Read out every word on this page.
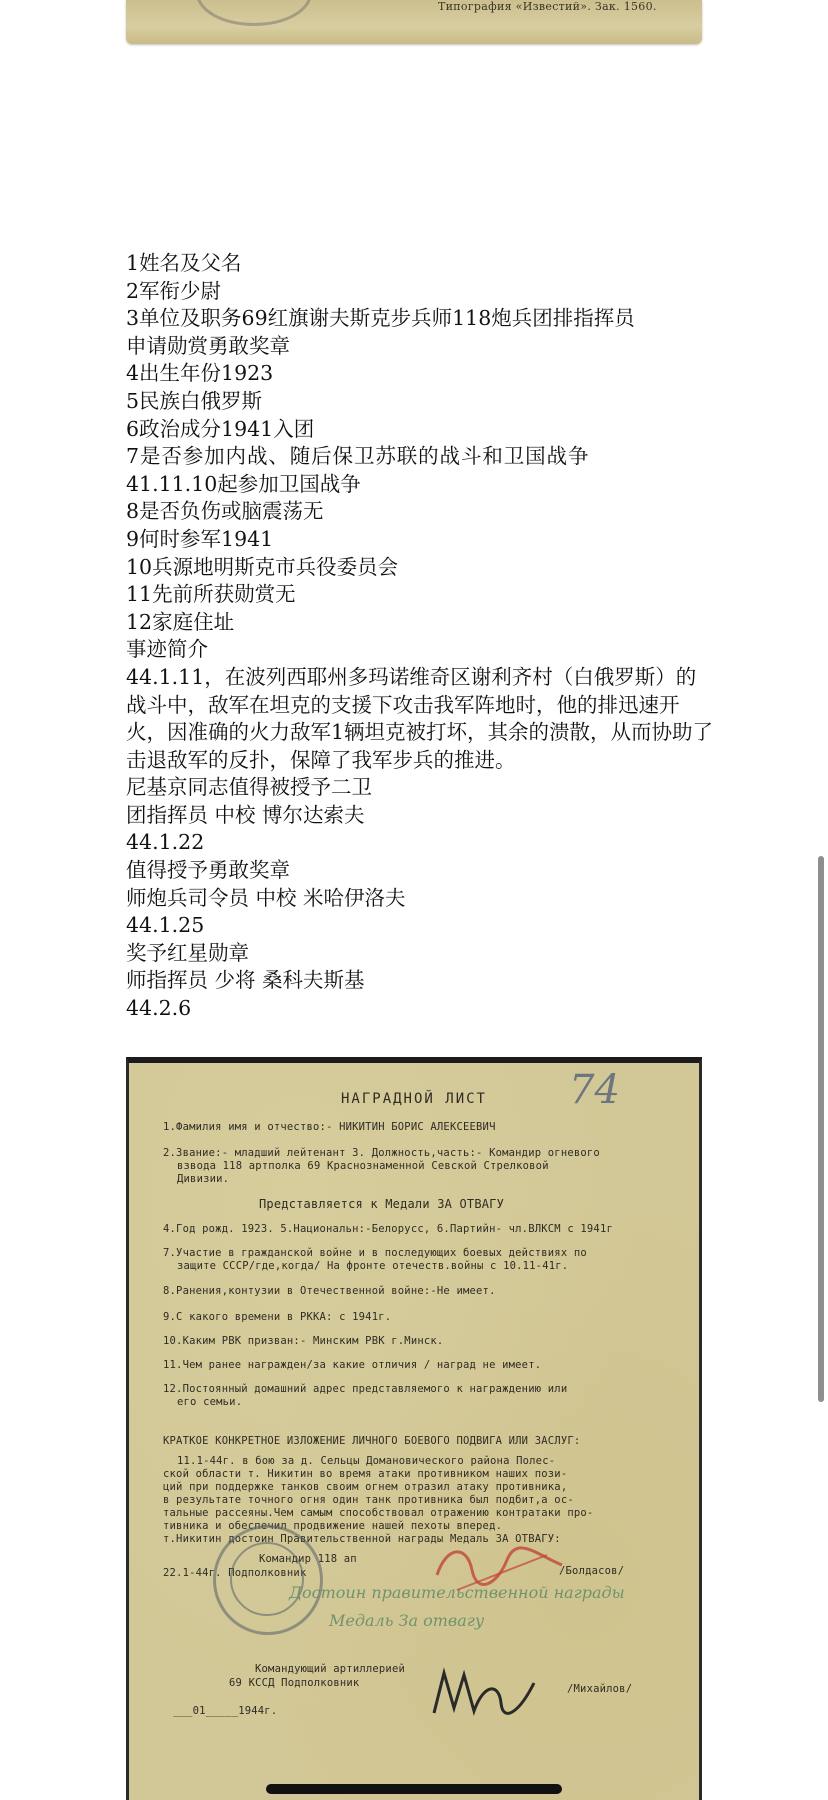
Типография «Известий». Зак. 1560.
1姓名及父名
2军衔少尉
3单位及职务69红旗谢夫斯克步兵师118炮兵团排指挥员
申请勋赏勇敢奖章
4出生年份1923
5民族白俄罗斯
6政治成分1941入团
7是否参加内战、随后保卫苏联的战斗和卫国战争
41.11.10起参加卫国战争
8是否负伤或脑震荡无
9何时参军1941
10兵源地明斯克市兵役委员会
11先前所获勋赏无
12家庭住址
事迹简介
44.1.11，在波列西耶州多玛诺维奇区谢利齐村（白俄罗斯）的战斗中，敌军在坦克的支援下攻击我军阵地时，他的排迅速开火，因准确的火力敌军1辆坦克被打坏，其余的溃散，从而协助了击退敌军的反扑，保障了我军步兵的推进。
尼基京同志值得被授予二卫
团指挥员 中校 博尔达索夫
44.1.22
值得授予勇敢奖章
师炮兵司令员 中校 米哈伊洛夫
44.1.25
奖予红星勋章
师指挥员 少将 桑科夫斯基
44.2.6
74
НАГРАДНОЙ ЛИСТ
1.Фамилия имя и отчество:- НИКИТИН БОРИС АЛЕКСЕЕВИЧ
2.Звание:- младший лейтенант 3. Должность,часть:- Командир огневого
взвода 118 артполка 69 Краснознаменной Севской Стрелковой
Дивизии.
Представляется к Медали ЗА ОТВАГУ
4.Год рожд. 1923. 5.Национальн:-Белорусс, 6.Партийн- чл.ВЛКСМ с 1941г
7.Участие в гражданской войне и в последующих боевых действиях по
защите СССР/где,когда/ На фронте отечеств.войны с 10.11-41г.
8.Ранения,контузии в Отечественной войне:-Не имеет.
9.С какого времени в РККА: с 1941г.
10.Каким РВК призван:- Минским РВК г.Минск.
11.Чем ранее награжден/за какие отличия / наград не имеет.
12.Постоянный домашний адрес представляемого к награждению или
его семьи.
КРАТКОЕ КОНКРЕТНОЕ ИЗЛОЖЕНИЕ ЛИЧНОГО БОЕВОГО ПОДВИГА ИЛИ ЗАСЛУГ:
11.1-44г. в бою за д. Сельцы Домановического района Полес-
ской области т. Никитин во время атаки противником наших пози-
ций при поддержке танков своим огнем отразил атаку противника,
в результате точного огня один танк противника был подбит,а ос-
тальные рассеяны.Чем самым способствовал отражению контратаки про-
тивника и обеспечил продвижение нашей пехоты вперед.
т.Никитин достоин Правительственной награды Медаль ЗА ОТВАГУ:
Командир 118 ап
22.1-44г. Подполковник	/Болдасов/
Командующий артиллерией
69 КССД Подполковник	/Михайлов/
___01_____1944г.
Достоин правительственной награды
Медаль За отвагу
